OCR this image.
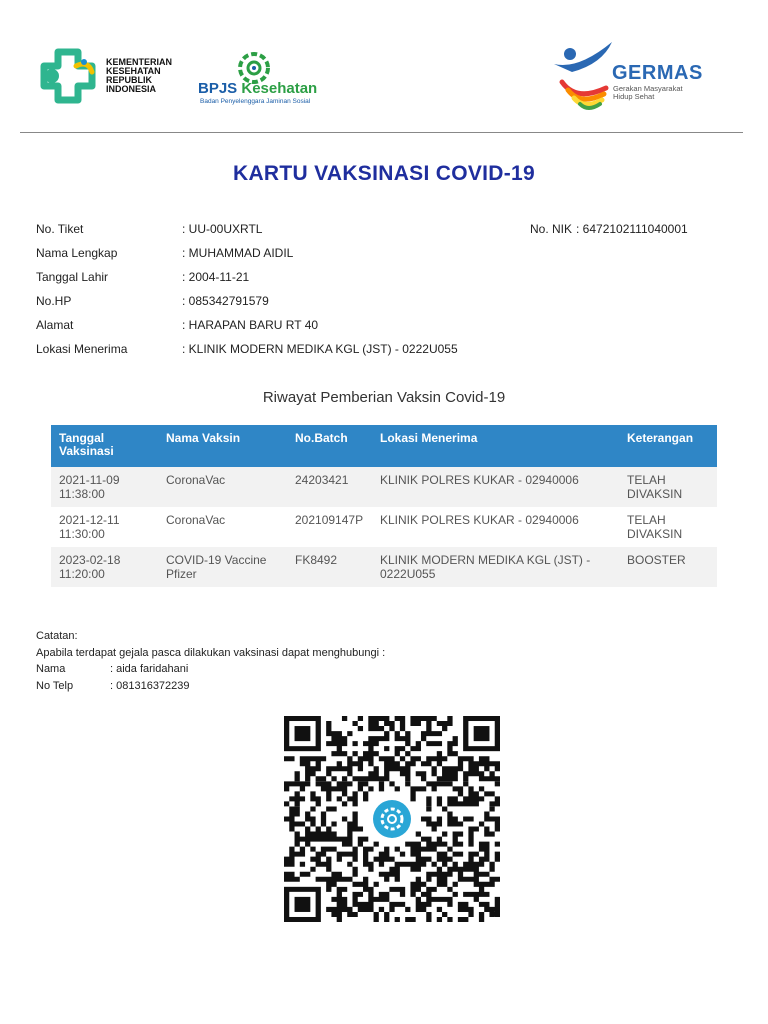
KEMENTERIAN
KESEHATAN
REPUBLIK
INDONESIA	BPJS Kesehatan
Badan Penyelenggara Jaminan Sosial
GERMAS
Gerakan Masyarakat
Hidup Sehat
KARTU VAKSINASI COVID-19
No. Tiket	: UU-00UXRTL
Nama Lengkap	: MUHAMMAD AIDIL
Tanggal Lahir	: 2004-11-21
No.HP	: 085342791579
Alamat	: HARAPAN BARU RT 40
Lokasi Menerima	: KLINIK MODERN MEDIKA KGL (JST) - 0222U055
No. NIK : 6472102111040001
Riwayat Pemberian Vaksin Covid-19
Tanggal Vaksinasi	Nama Vaksin	No.Batch	Lokasi Menerima	Keterangan

2021-11-09
11:38:00	CoronaVac	24203421	KLINIK POLRES KUKAR - 02940006	TELAH DIVAKSIN

2021-12-11
11:30:00	CoronaVac	202109147P	KLINIK POLRES KUKAR - 02940006	TELAH DIVAKSIN

2023-02-18
11:20:00	COVID-19 Vaccine Pfizer	FK8492	KLINIK MODERN MEDIKA KGL (JST) - 0222U055	BOOSTER
Catatan:
Apabila terdapat gejala pasca dilakukan vaksinasi dapat menghubungi :
Nama	: aida faridahani
No Telp	: 081316372239
